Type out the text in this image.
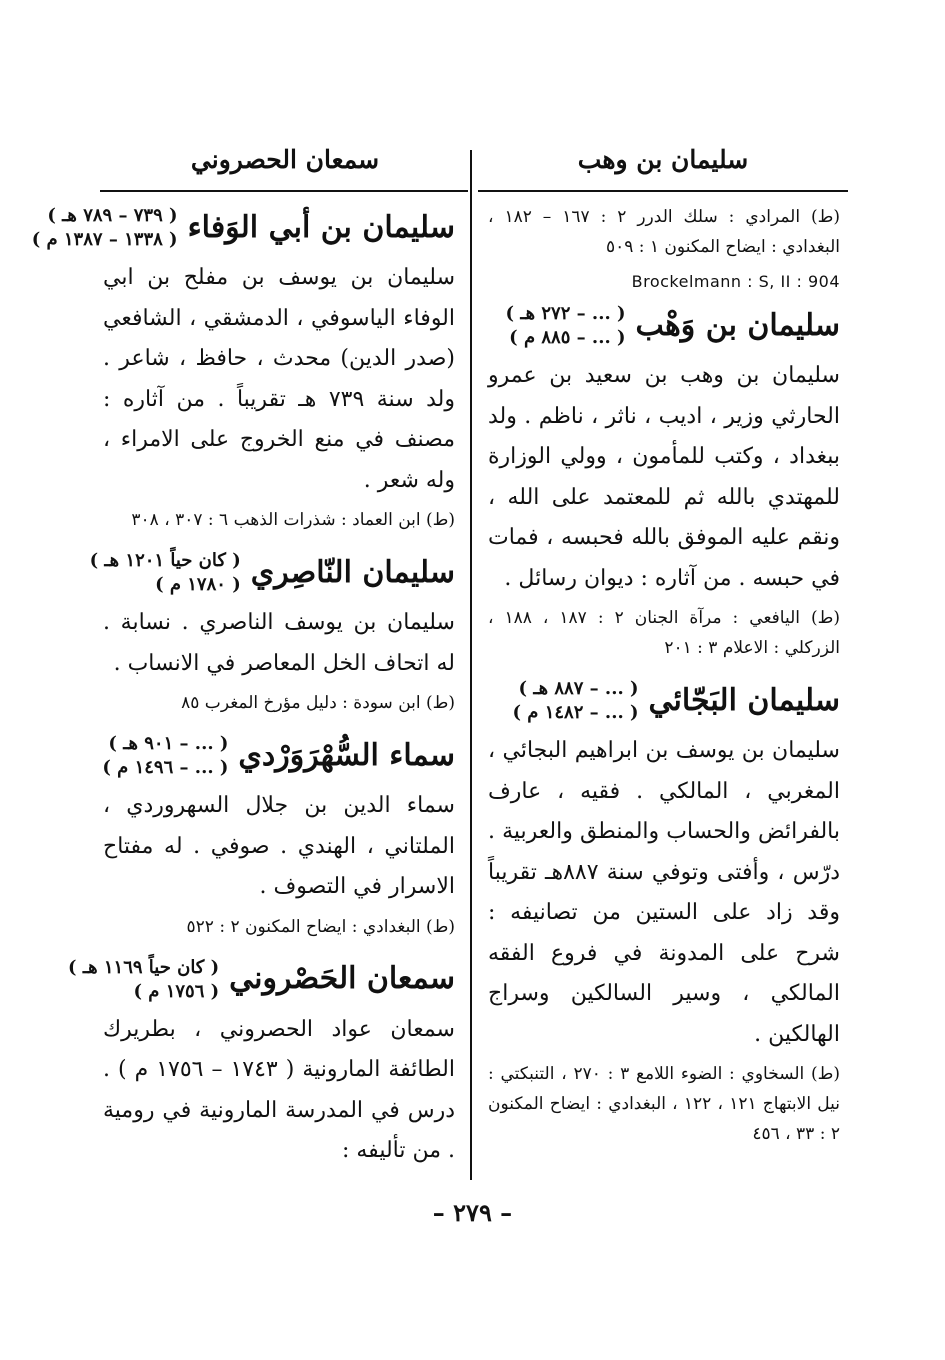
سليمان بن وهب
سمعان الحصروني
(ط) المرادي : سلك الدرر ٢ : ١٦٧ – ١٨٢ ، البغدادي : ايضاح المكنون ١ : ٥٠٩
Brockelmann : S, II : 904
سليمان بن وَهْب
( ... – ٢٧٢ هـ )
( ... – ٨٨٥ م )

سليمان بن وهب بن سعيد بن عمرو الحارثي وزير ، اديب ، ناثر ، ناظم . ولد ببغداد ، وكتب للمأمون ، وولي الوزارة للمهتدي بالله ثم للمعتمد على الله ، ونقم عليه الموفق بالله فحبسه ، فمات في حبسه . من آثاره : ديوان رسائل .

(ط) اليافعي : مرآة الجنان ٢ : ١٨٧ ، ١٨٨ ، الزركلي : الاعلام ٣ : ٢٠١
سليمان البَجّائي
( ... – ٨٨٧ هـ )
( ... – ١٤٨٢ م )

سليمان بن يوسف بن ابراهيم البجائي ، المغربي ، المالكي . فقيه ، عارف بالفرائض والحساب والمنطق والعربية . درّس ، وأفتى وتوفي سنة ٨٨٧هـ تقريباً وقد زاد على الستين من تصانيفه : شرح على المدونة في فروع الفقه المالكي ، وسير السالكين وسراج الهالكين .

(ط) السخاوي : الضوء اللامع ٣ : ٢٧٠ ، التنبكتي : نيل الابتهاج ١٢١ ، ١٢٢ ، البغدادي : ايضاح المكنون ٢ : ٣٣ ، ٤٥٦
سليمان بن أبي الوَفاء
( ٧٣٩ – ٧٨٩ هـ )
( ١٣٣٨ – ١٣٨٧ م )

سليمان بن يوسف بن مفلح بن ابي الوفاء الياسوفي ، الدمشقي ، الشافعي (صدر الدين) محدث ، حافظ ، شاعر . ولد سنة ٧٣٩ هـ تقريباً . من آثاره : مصنف في منع الخروج على الامراء ، وله شعر .

(ط) ابن العماد : شذرات الذهب ٦ : ٣٠٧ ، ٣٠٨
سليمان النّاصِري
( كان حياً ١٢٠١ هـ )
( ١٧٨٠ م )

سليمان بن يوسف الناصري . نسابة . له اتحاف الخل المعاصر في الانساب .

(ط) ابن سودة : دليل مؤرخ المغرب ٨٥
سماء السُّهْرَوَرْدي
( ... – ٩٠١ هـ )
( ... – ١٤٩٦ م )

سماء الدين بن جلال السهروردي ، الملتاني ، الهندي . صوفي . له مفتاح الاسرار في التصوف .

(ط) البغدادي : ايضاح المكنون ٢ : ٥٢٢
سمعان الحَصْروني
( كان حياً ١١٦٩ هـ )
( ١٧٥٦ م )

سمعان عواد الحصروني ، بطريرك الطائفة المارونية ( ١٧٤٣ – ١٧٥٦ م ) . درس في المدرسة المارونية في رومية . من تأليفه :

– ٢٧٩ –
